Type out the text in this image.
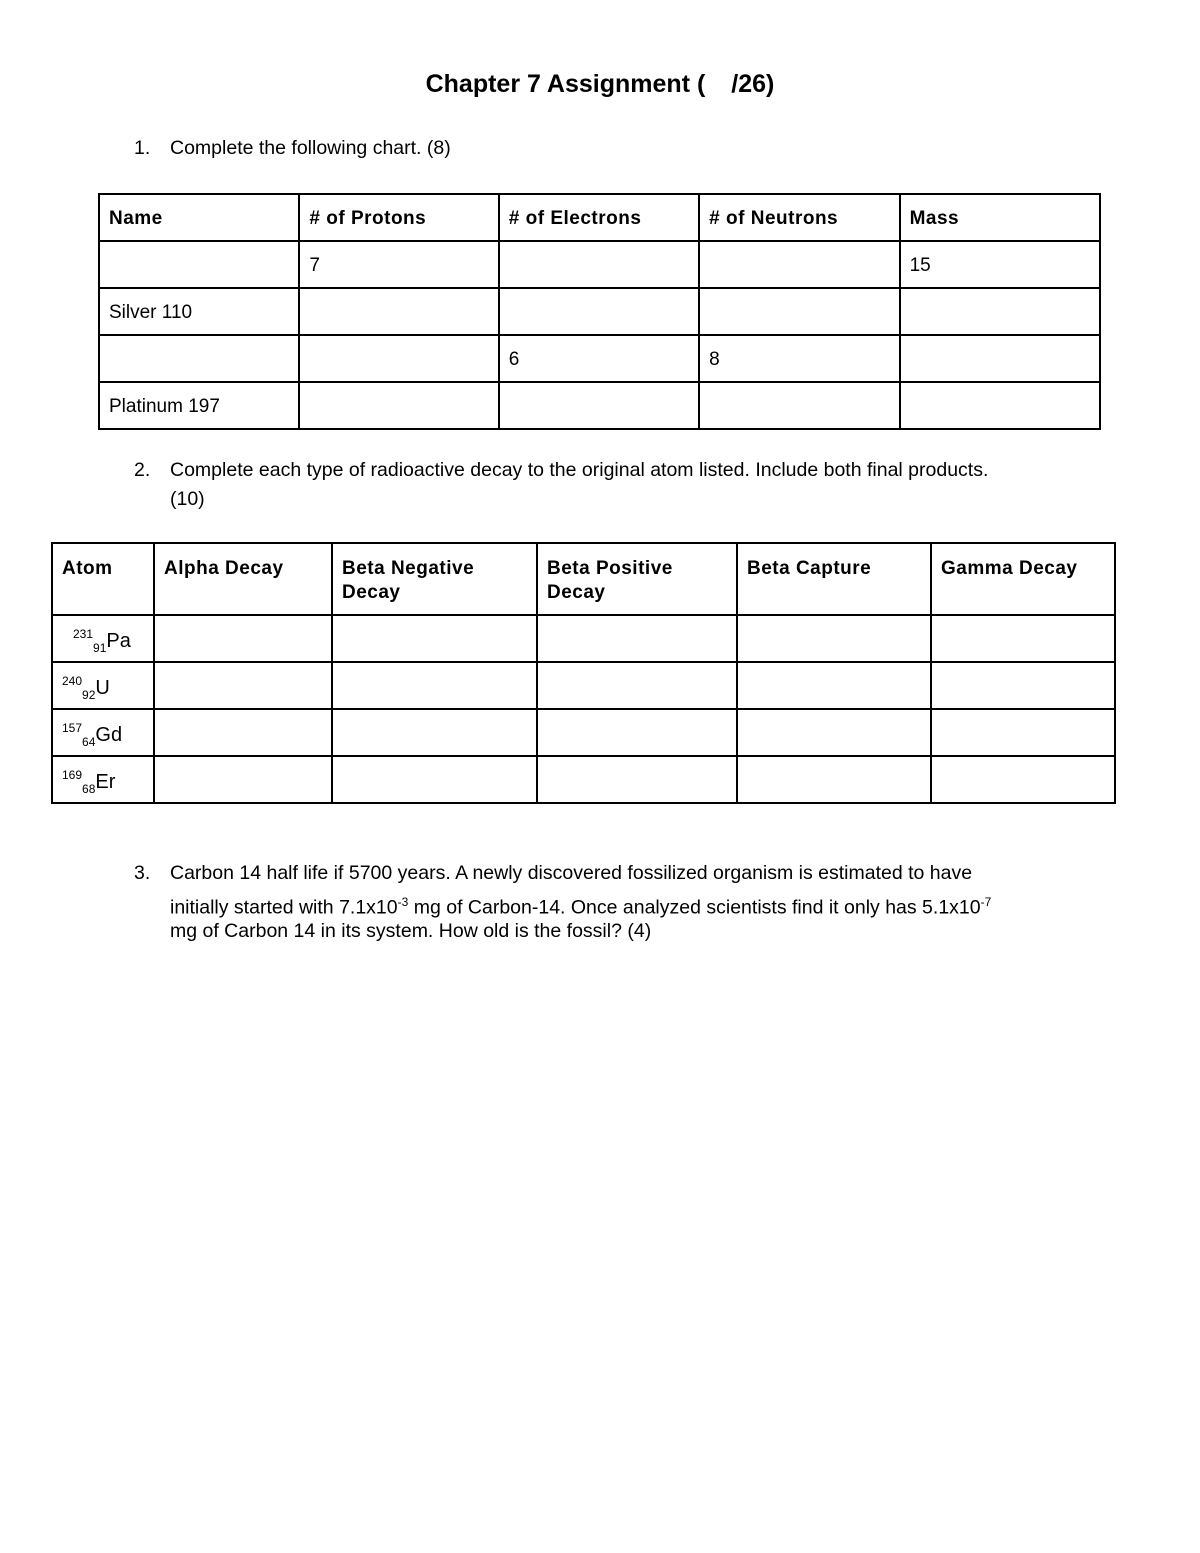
Chapter 7 Assignment ( /26)
1. Complete the following chart. (8)
Name	# of Protons	# of Electrons	# of Neutrons	Mass
	7			15
Silver 110				
		6	8	
Platinum 197				
2. Complete each type of radioactive decay to the original atom listed. Include both final products.
(10)
Atom	Alpha Decay	Beta Negative Decay	Beta Positive Decay	Beta Capture	Gamma Decay
$^{231}_{91}$Pa					
$^{240}_{92}$U					
$^{157}_{64}$Gd					
$^{169}_{68}$Er					
3. Carbon 14 half life if 5700 years. A newly discovered fossilized organism is estimated to have
initially started with $7.1x10^{-3}$ mg of Carbon-14. Once analyzed scientists find it only has $5.1x10^{-7}$
mg of Carbon 14 in its system. How old is the fossil? (4)
